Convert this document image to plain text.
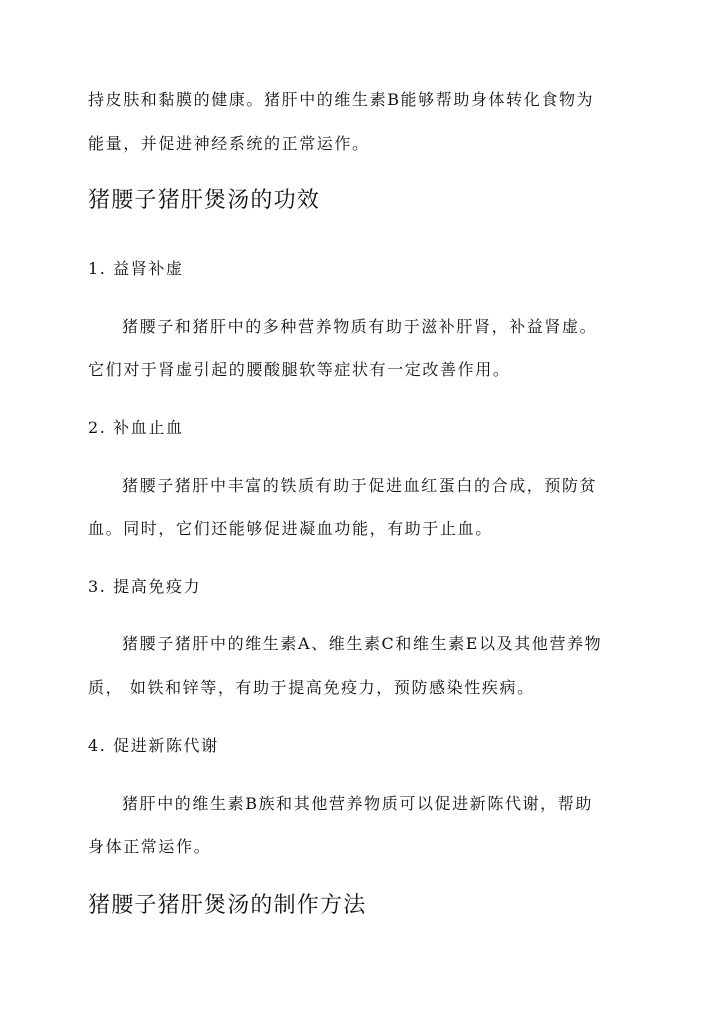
持皮肤和黏膜的健康。猪肝中的维生素B能够帮助身体转化食物为
能量，并促进神经系统的正常运作。
猪腰子猪肝煲汤的功效
1. 益肾补虚
猪腰子和猪肝中的多种营养物质有助于滋补肝肾，补益肾虚。
它们对于肾虚引起的腰酸腿软等症状有一定改善作用。
2. 补血止血
猪腰子猪肝中丰富的铁质有助于促进血红蛋白的合成，预防贫
血。同时，它们还能够促进凝血功能，有助于止血。
3. 提高免疫力
猪腰子猪肝中的维生素A、维生素C和维生素E以及其他营养物
质， 如铁和锌等，有助于提高免疫力，预防感染性疾病。
4. 促进新陈代谢
猪肝中的维生素B族和其他营养物质可以促进新陈代谢，帮助
身体正常运作。
猪腰子猪肝煲汤的制作方法
